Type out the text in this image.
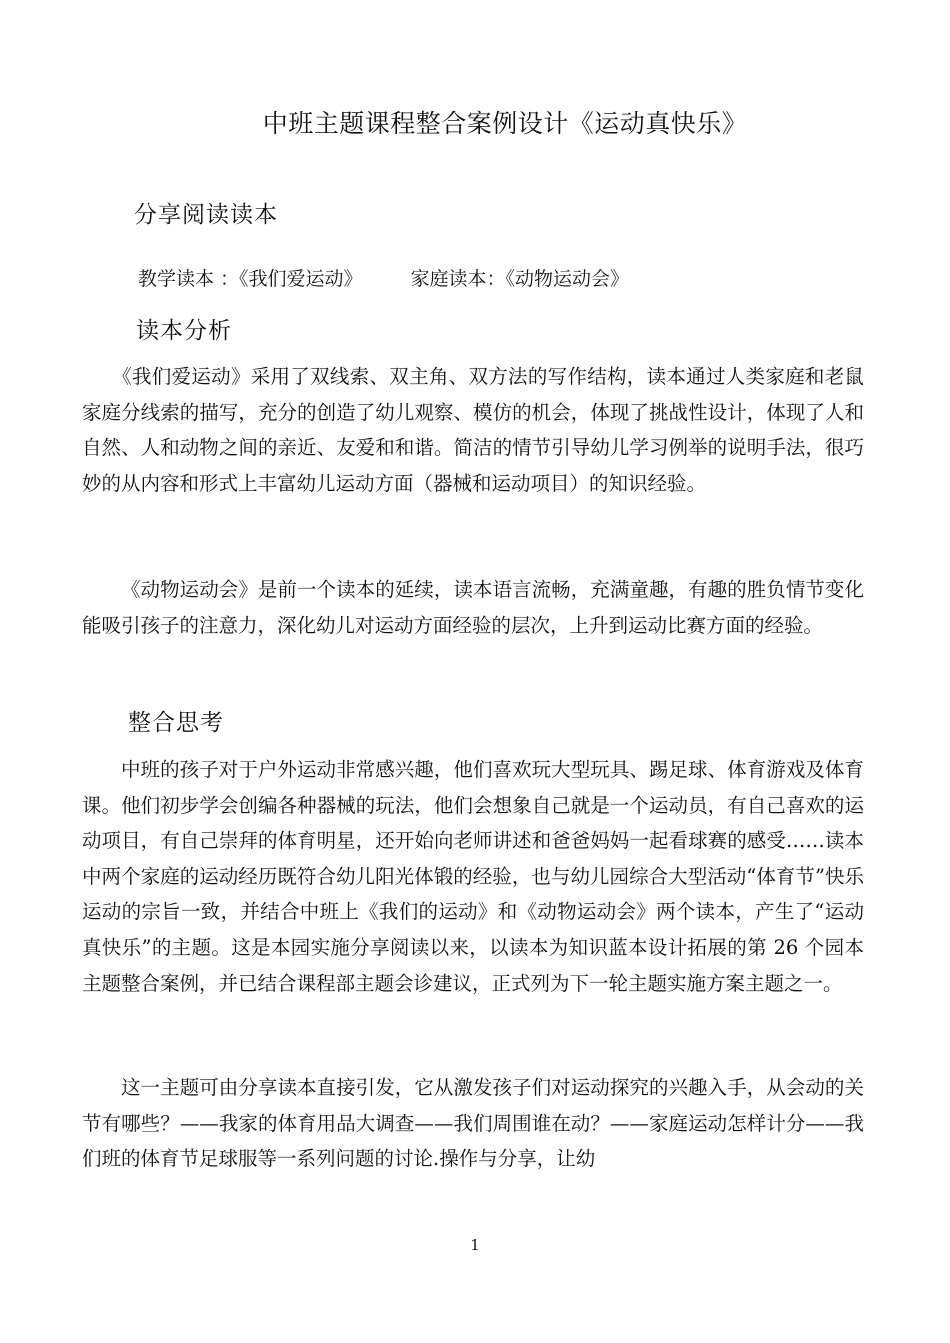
中班主题课程整合案例设计《运动真快乐》
分享阅读读本
教学读本 ：《我们爱运动》	家庭读本：《动物运动会》
读本分析

《我们爱运动》采用了双线索、双主角、双方法的写作结构，读本通过人类家庭和老鼠家庭分线索的描写，充分的创造了幼儿观察、模仿的机会，体现了挑战性设计，体现了人和自然、人和动物之间的亲近、友爱和和谐。简洁的情节引导幼儿学习例举的说明手法，很巧妙的从内容和形式上丰富幼儿运动方面（器械和运动项目）的知识经验。

《动物运动会》是前一个读本的延续，读本语言流畅，充满童趣，有趣的胜负情节变化能吸引孩子的注意力，深化幼儿对运动方面经验的层次，上升到运动比赛方面的经验。

整合思考

中班的孩子对于户外运动非常感兴趣，他们喜欢玩大型玩具、踢足球、体育游戏及体育课。他们初步学会创编各种器械的玩法，他们会想象自己就是一个运动员，有自己喜欢的运动项目，有自己崇拜的体育明星，还开始向老师讲述和爸爸妈妈一起看球赛的感受……读本中两个家庭的运动经历既符合幼儿阳光体锻的经验，也与幼儿园综合大型活动“体育节”快乐运动的宗旨一致，并结合中班上《我们的运动》和《动物运动会》两个读本，产生了“运动真快乐”的主题。这是本园实施分享阅读以来，以读本为知识蓝本设计拓展的第 26 个园本主题整合案例，并已结合课程部主题会诊建议，正式列为下一轮主题实施方案主题之一。

这一主题可由分享读本直接引发，它从激发孩子们对运动探究的兴趣入手，从会动的关节有哪些？——我家的体育用品大调查——我们周围谁在动？——家庭运动怎样计分——我们班的体育节足球服等一系列问题的讨论.操作与分享，让幼

1
